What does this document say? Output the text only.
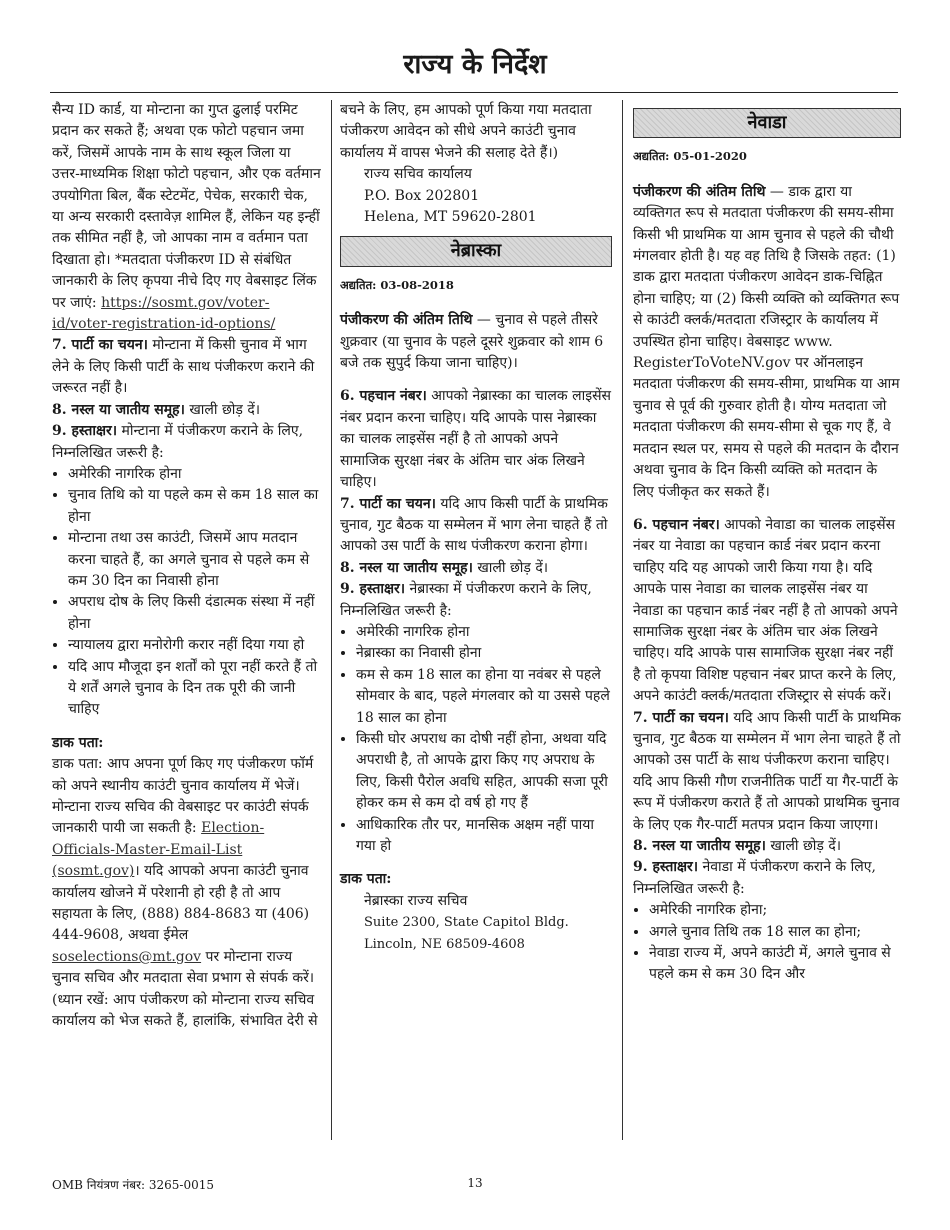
राज्य के निर्देश

सैन्य ID कार्ड, या मोन्टाना का गुप्त ढुलाई परमिट प्रदान कर सकते हैं; अथवा एक फोटो पहचान जमा करें, जिसमें आपके नाम के साथ स्कूल जिला या उत्तर-माध्यमिक शिक्षा फोटो पहचान, और एक वर्तमान उपयोगिता बिल, बैंक स्टेटमेंट, पेचेक, सरकारी चेक, या अन्य सरकारी दस्तावेज़ शामिल हैं, लेकिन यह इन्हीं तक सीमित नहीं है, जो आपका नाम व वर्तमान पता दिखाता हो। *मतदाता पंजीकरण ID से संबंधित जानकारी के लिए कृपया नीचे दिए गए वेबसाइट लिंक पर जाएं: https://sosmt.gov/voter-id/voter-registration-id-options/

7. पार्टी का चयन। मोन्टाना में किसी चुनाव में भाग लेने के लिए किसी पार्टी के साथ पंजीकरण कराने की जरूरत नहीं है।

8. नस्ल या जातीय समूह। खाली छोड़ दें।

9. हस्ताक्षर। मोन्टाना में पंजीकरण कराने के लिए, निम्नलिखित जरूरी है:

• अमेरिकी नागरिक होना
• चुनाव तिथि को या पहले कम से कम 18 साल का होना
• मोन्टाना तथा उस काउंटी, जिसमें आप मतदान करना चाहते हैं, का अगले चुनाव से पहले कम से कम 30 दिन का निवासी होना
• अपराध दोष के लिए किसी दंडात्मक संस्था में नहीं होना
• न्यायालय द्वारा मनोरोगी करार नहीं दिया गया हो
• यदि आप मौजूदा इन शर्तों को पूरा नहीं करते हैं तो ये शर्तें अगले चुनाव के दिन तक पूरी की जानी चाहिए

डाक पता:

डाक पता: आप अपना पूर्ण किए गए पंजीकरण फॉर्म को अपने स्थानीय काउंटी चुनाव कार्यालय में भेजें। मोन्टाना राज्य सचिव की वेबसाइट पर काउंटी संपर्क जानकारी पायी जा सकती है: Election-Officials-Master-Email-List (sosmt.gov)। यदि आपको अपना काउंटी चुनाव कार्यालय खोजने में परेशानी हो रही है तो आप सहायता के लिए, (888) 884-8683 या (406) 444-9608, अथवा ईमेल soselections@mt.gov पर मोन्टाना राज्य चुनाव सचिव और मतदाता सेवा प्रभाग से संपर्क करें। (ध्यान रखें: आप पंजीकरण को मोन्टाना राज्य सचिव कार्यालय को भेज सकते हैं, हालांकि, संभावित देरी से

बचने के लिए, हम आपको पूर्ण किया गया मतदाता पंजीकरण आवेदन को सीधे अपने काउंटी चुनाव कार्यालय में वापस भेजने की सलाह देते हैं।)

राज्य सचिव कार्यालय

P.O. Box 202801

Helena, MT 59620-2801

नेब्रास्का

अद्यतित: 03-08-2018

पंजीकरण की अंतिम तिथि — चुनाव से पहले तीसरे शुक्रवार (या चुनाव के पहले दूसरे शुक्रवार को शाम 6 बजे तक सुपुर्द किया जाना चाहिए)।

6. पहचान नंबर। आपको नेब्रास्का का चालक लाइसेंस नंबर प्रदान करना चाहिए। यदि आपके पास नेब्रास्का का चालक लाइसेंस नहीं है तो आपको अपने सामाजिक सुरक्षा नंबर के अंतिम चार अंक लिखने चाहिए।

7. पार्टी का चयन। यदि आप किसी पार्टी के प्राथमिक चुनाव, गुट बैठक या सम्मेलन में भाग लेना चाहते हैं तो आपको उस पार्टी के साथ पंजीकरण कराना होगा।

8. नस्ल या जातीय समूह। खाली छोड़ दें।

9. हस्ताक्षर। नेब्रास्का में पंजीकरण कराने के लिए, निम्नलिखित जरूरी है:

• अमेरिकी नागरिक होना
• नेब्रास्का का निवासी होना
• कम से कम 18 साल का होना या नवंबर से पहले सोमवार के बाद, पहले मंगलवार को या उससे पहले 18 साल का होना
• किसी घोर अपराध का दोषी नहीं होना, अथवा यदि अपराधी है, तो आपके द्वारा किए गए अपराध के लिए, किसी पैरोल अवधि सहित, आपकी सजा पूरी होकर कम से कम दो वर्ष हो गए हैं
• आधिकारिक तौर पर, मानसिक अक्षम नहीं पाया गया हो

डाक पता:

नेब्रास्का राज्य सचिव

Suite 2300, State Capitol Bldg.

Lincoln, NE 68509-4608

नेवाडा

अद्यतित: 05-01-2020

पंजीकरण की अंतिम तिथि — डाक द्वारा या व्यक्तिगत रूप से मतदाता पंजीकरण की समय-सीमा किसी भी प्राथमिक या आम चुनाव से पहले की चौथी मंगलवार होती है। यह वह तिथि है जिसके तहत: (1) डाक द्वारा मतदाता पंजीकरण आवेदन डाक-चिह्नित होना चाहिए; या (2) किसी व्यक्ति को व्यक्तिगत रूप से काउंटी क्लर्क/मतदाता रजिस्ट्रार के कार्यालय में उपस्थित होना चाहिए। वेबसाइट www. RegisterToVoteNV.gov पर ऑनलाइन मतदाता पंजीकरण की समय-सीमा, प्राथमिक या आम चुनाव से पूर्व की गुरुवार होती है। योग्य मतदाता जो मतदाता पंजीकरण की समय-सीमा से चूक गए हैं, वे मतदान स्थल पर, समय से पहले की मतदान के दौरान अथवा चुनाव के दिन किसी व्यक्ति को मतदान के लिए पंजीकृत कर सकते हैं।

6. पहचान नंबर। आपको नेवाडा का चालक लाइसेंस नंबर या नेवाडा का पहचान कार्ड नंबर प्रदान करना चाहिए यदि यह आपको जारी किया गया है। यदि आपके पास नेवाडा का चालक लाइसेंस नंबर या नेवाडा का पहचान कार्ड नंबर नहीं है तो आपको अपने सामाजिक सुरक्षा नंबर के अंतिम चार अंक लिखने चाहिए। यदि आपके पास सामाजिक सुरक्षा नंबर नहीं है तो कृपया विशिष्ट पहचान नंबर प्राप्त करने के लिए, अपने काउंटी क्लर्क/मतदाता रजिस्ट्रार से संपर्क करें।

7. पार्टी का चयन। यदि आप किसी पार्टी के प्राथमिक चुनाव, गुट बैठक या सम्मेलन में भाग लेना चाहते हैं तो आपको उस पार्टी के साथ पंजीकरण कराना चाहिए। यदि आप किसी गौण राजनीतिक पार्टी या गैर-पार्टी के रूप में पंजीकरण कराते हैं तो आपको प्राथमिक चुनाव के लिए एक गैर-पार्टी मतपत्र प्रदान किया जाएगा।

8. नस्ल या जातीय समूह। खाली छोड़ दें।

9. हस्ताक्षर। नेवाडा में पंजीकरण कराने के लिए, निम्नलिखित जरूरी है:

• अमेरिकी नागरिक होना;
• अगले चुनाव तिथि तक 18 साल का होना;
• नेवाडा राज्य में, अपने काउंटी में, अगले चुनाव से पहले कम से कम 30 दिन और
OMB नियंत्रण नंबर: 3265-0015	13
